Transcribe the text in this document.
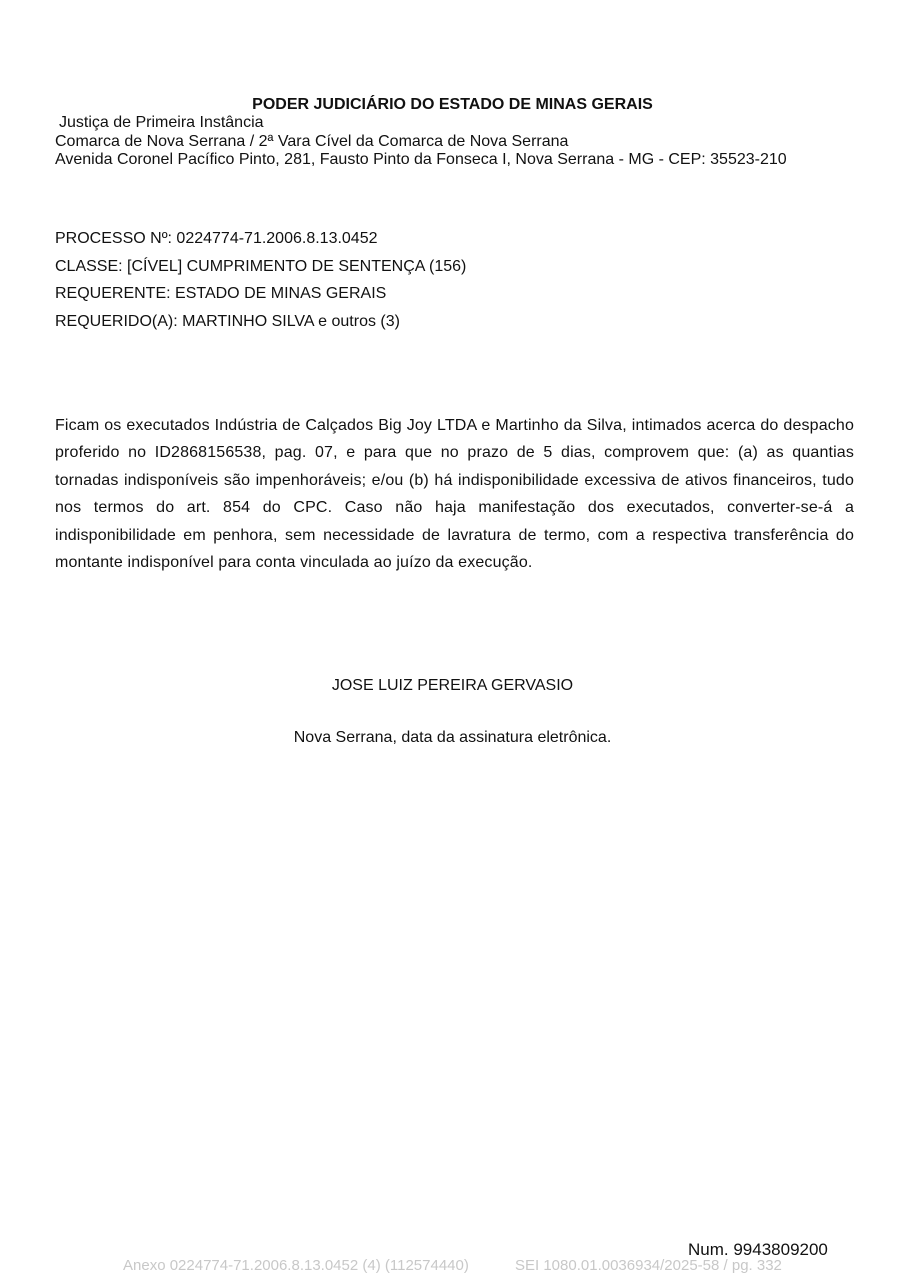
PODER JUDICIÁRIO DO ESTADO DE MINAS GERAIS
Justiça de Primeira Instância
Comarca de Nova Serrana / 2ª Vara Cível da Comarca de Nova Serrana
Avenida Coronel Pacífico Pinto, 281, Fausto Pinto da Fonseca I, Nova Serrana - MG - CEP: 35523-210
PROCESSO Nº: 0224774-71.2006.8.13.0452
CLASSE: [CÍVEL] CUMPRIMENTO DE SENTENÇA (156)
REQUERENTE: ESTADO DE MINAS GERAIS
REQUERIDO(A): MARTINHO SILVA e outros (3)
Ficam os executados Indústria de Calçados Big Joy LTDA e Martinho da Silva, intimados acerca do despacho proferido no ID2868156538, pag. 07, e para que no prazo de 5 dias, comprovem que: (a) as quantias tornadas indisponíveis são impenhoráveis; e/ou (b) há indisponibilidade excessiva de ativos financeiros, tudo nos termos do art. 854 do CPC. Caso não haja manifestação dos executados, converter-se-á a indisponibilidade em penhora, sem necessidade de lavratura de termo, com a respectiva transferência do montante indisponível para conta vinculada ao juízo da execução.
JOSE LUIZ PEREIRA GERVASIO
Nova Serrana, data da assinatura eletrônica.
Num. 9943809200
Anexo 0224774-71.2006.8.13.0452 (4) (112574440)	SEI 1080.01.0036934/2025-58 / pg. 332
